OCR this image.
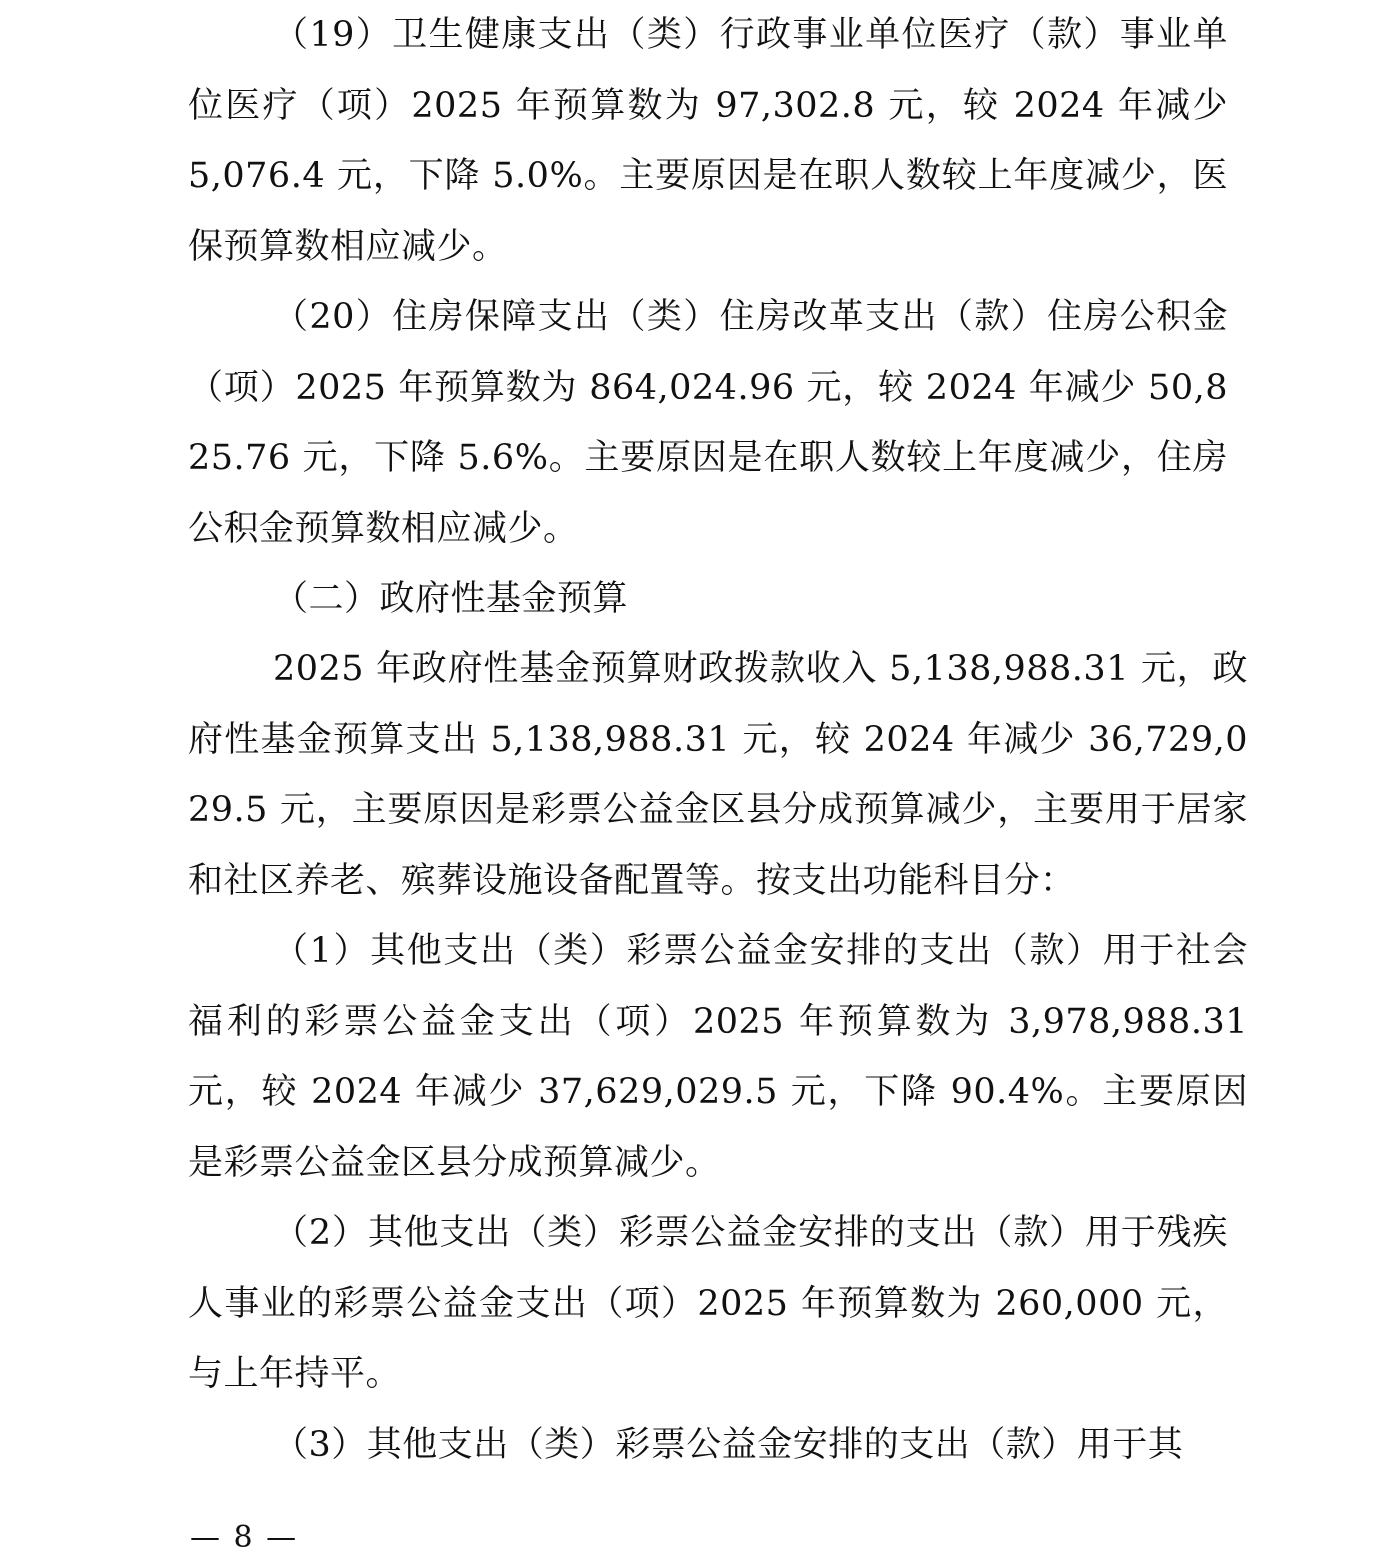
（19）卫生健康支出（类）行政事业单位医疗（款）事业单位医疗（项）2025 年预算数为 97,302.8 元，较 2024 年减少 5,076.4 元，下降 5.0%。主要原因是在职人数较上年度减少，医保预算数相应减少。

（20）住房保障支出（类）住房改革支出（款）住房公积金（项）2025 年预算数为 864,024.96 元，较 2024 年减少 50,825.76 元，下降 5.6%。主要原因是在职人数较上年度减少，住房公积金预算数相应减少。

（二）政府性基金预算

2025 年政府性基金预算财政拨款收入 5,138,988.31 元，政府性基金预算支出 5,138,988.31 元，较 2024 年减少 36,729,029.5 元，主要原因是彩票公益金区县分成预算减少，主要用于居家和社区养老、殡葬设施设备配置等。按支出功能科目分：

（1）其他支出（类）彩票公益金安排的支出（款）用于社会福利的彩票公益金支出（项）2025 年预算数为 3,978,988.31 元，较 2024 年减少 37,629,029.5 元，下降 90.4%。主要原因是彩票公益金区县分成预算减少。

（2）其他支出（类）彩票公益金安排的支出（款）用于残疾人事业的彩票公益金支出（项）2025 年预算数为 260,000 元，与上年持平。

（3）其他支出（类）彩票公益金安排的支出（款）用于其

— 8 —
